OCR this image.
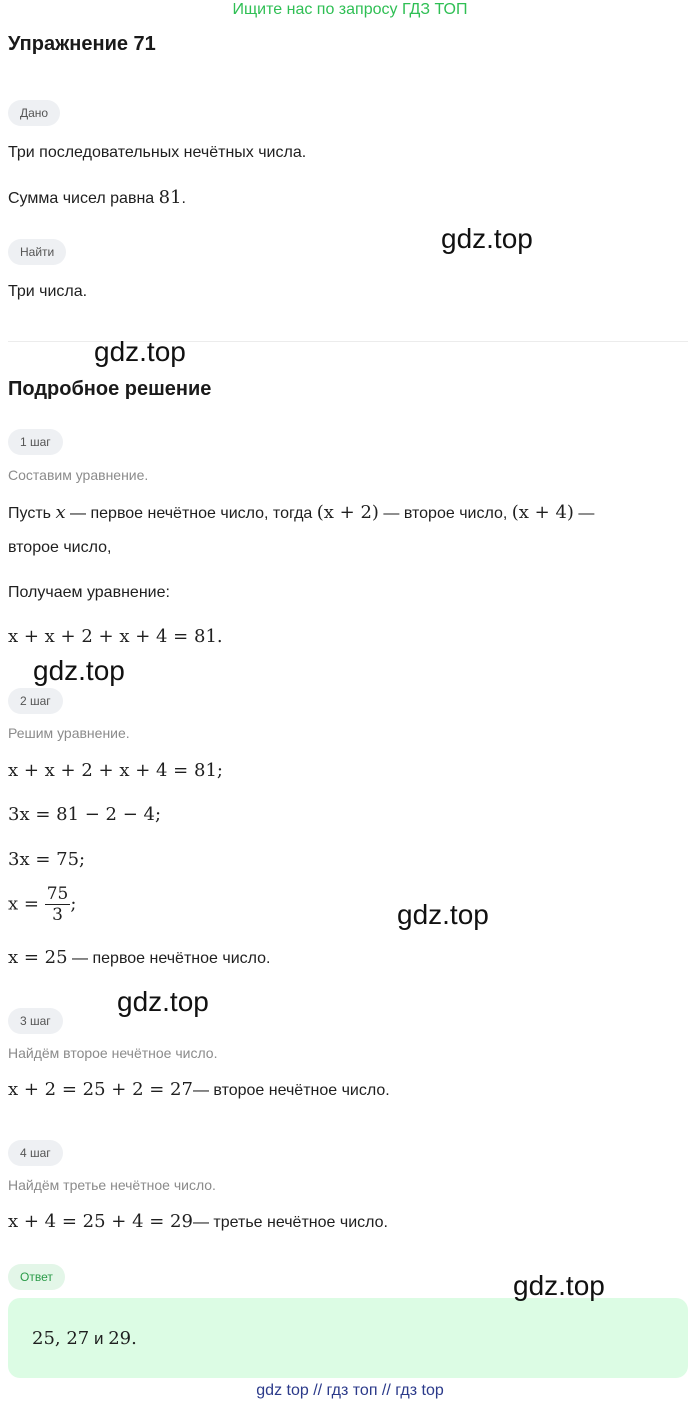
Ищите нас по запросу ГДЗ ТОП
Упражнение 71
Дано
Три последовательных нечётных числа.
Сумма чисел равна 81.
gdz.top
Найти
Три числа.
gdz.top
Подробное решение
1 шаг
Составим уравнение.
Пусть x — первое нечётное число, тогда (x + 2) — второе число, (x + 4) —
второе число,
Получаем уравнение:
x + x + 2 + x + 4 = 81.
gdz.top
2 шаг
Решим уравнение.
x + x + 2 + x + 4 = 81;
3x = 81 − 2 − 4;
3x = 75;
$x = \frac{75}{3}$ ;	gdz.top
x = 25 — первое нечётное число.
gdz.top
3 шаг
Найдём второе нечётное число.
x + 2 = 25 + 2 = 27— второе нечётное число.
4 шаг
Найдём третье нечётное число.
x + 4 = 25 + 4 = 29— третье нечётное число.
Ответ	gdz.top
25, 27 и 29.
gdz top // гдз топ // гдз top
